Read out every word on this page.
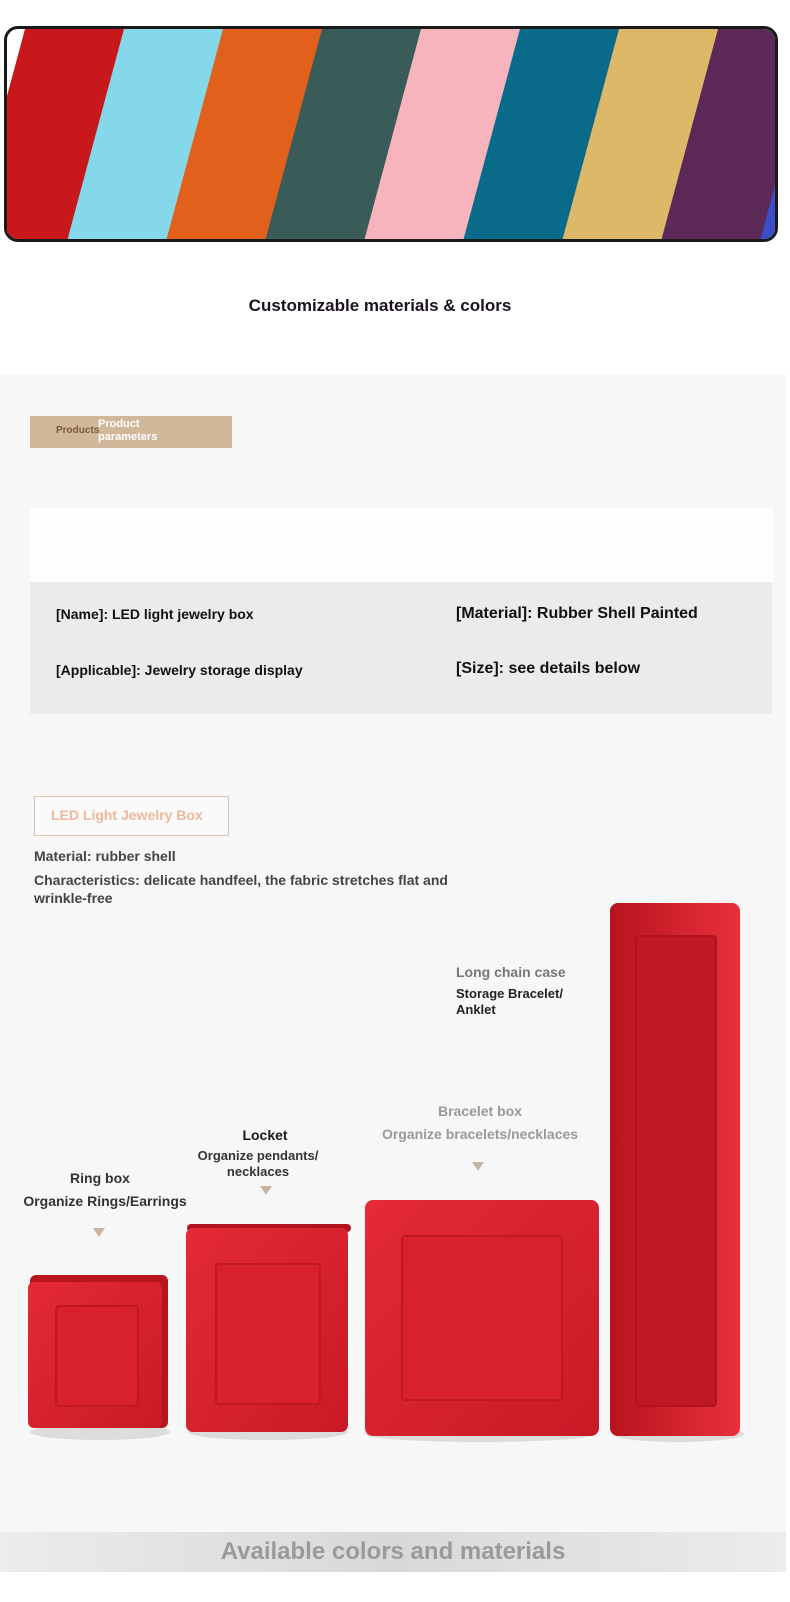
Customizable materials & colors
Products
Product parameters
[Name]: LED light jewelry box	[Material]: Rubber Shell Painted
[Applicable]: Jewelry storage display	[Size]: see details below
LED Light Jewelry Box
Material: rubber shell
Characteristics: delicate handfeel, the fabric stretches flat and wrinkle-free
Ring box
Organize Rings/Earrings
Locket
Organize pendants/ necklaces
Bracelet box
Organize bracelets/necklaces
Long chain case
Storage Bracelet/ Anklet
Available colors and materials
